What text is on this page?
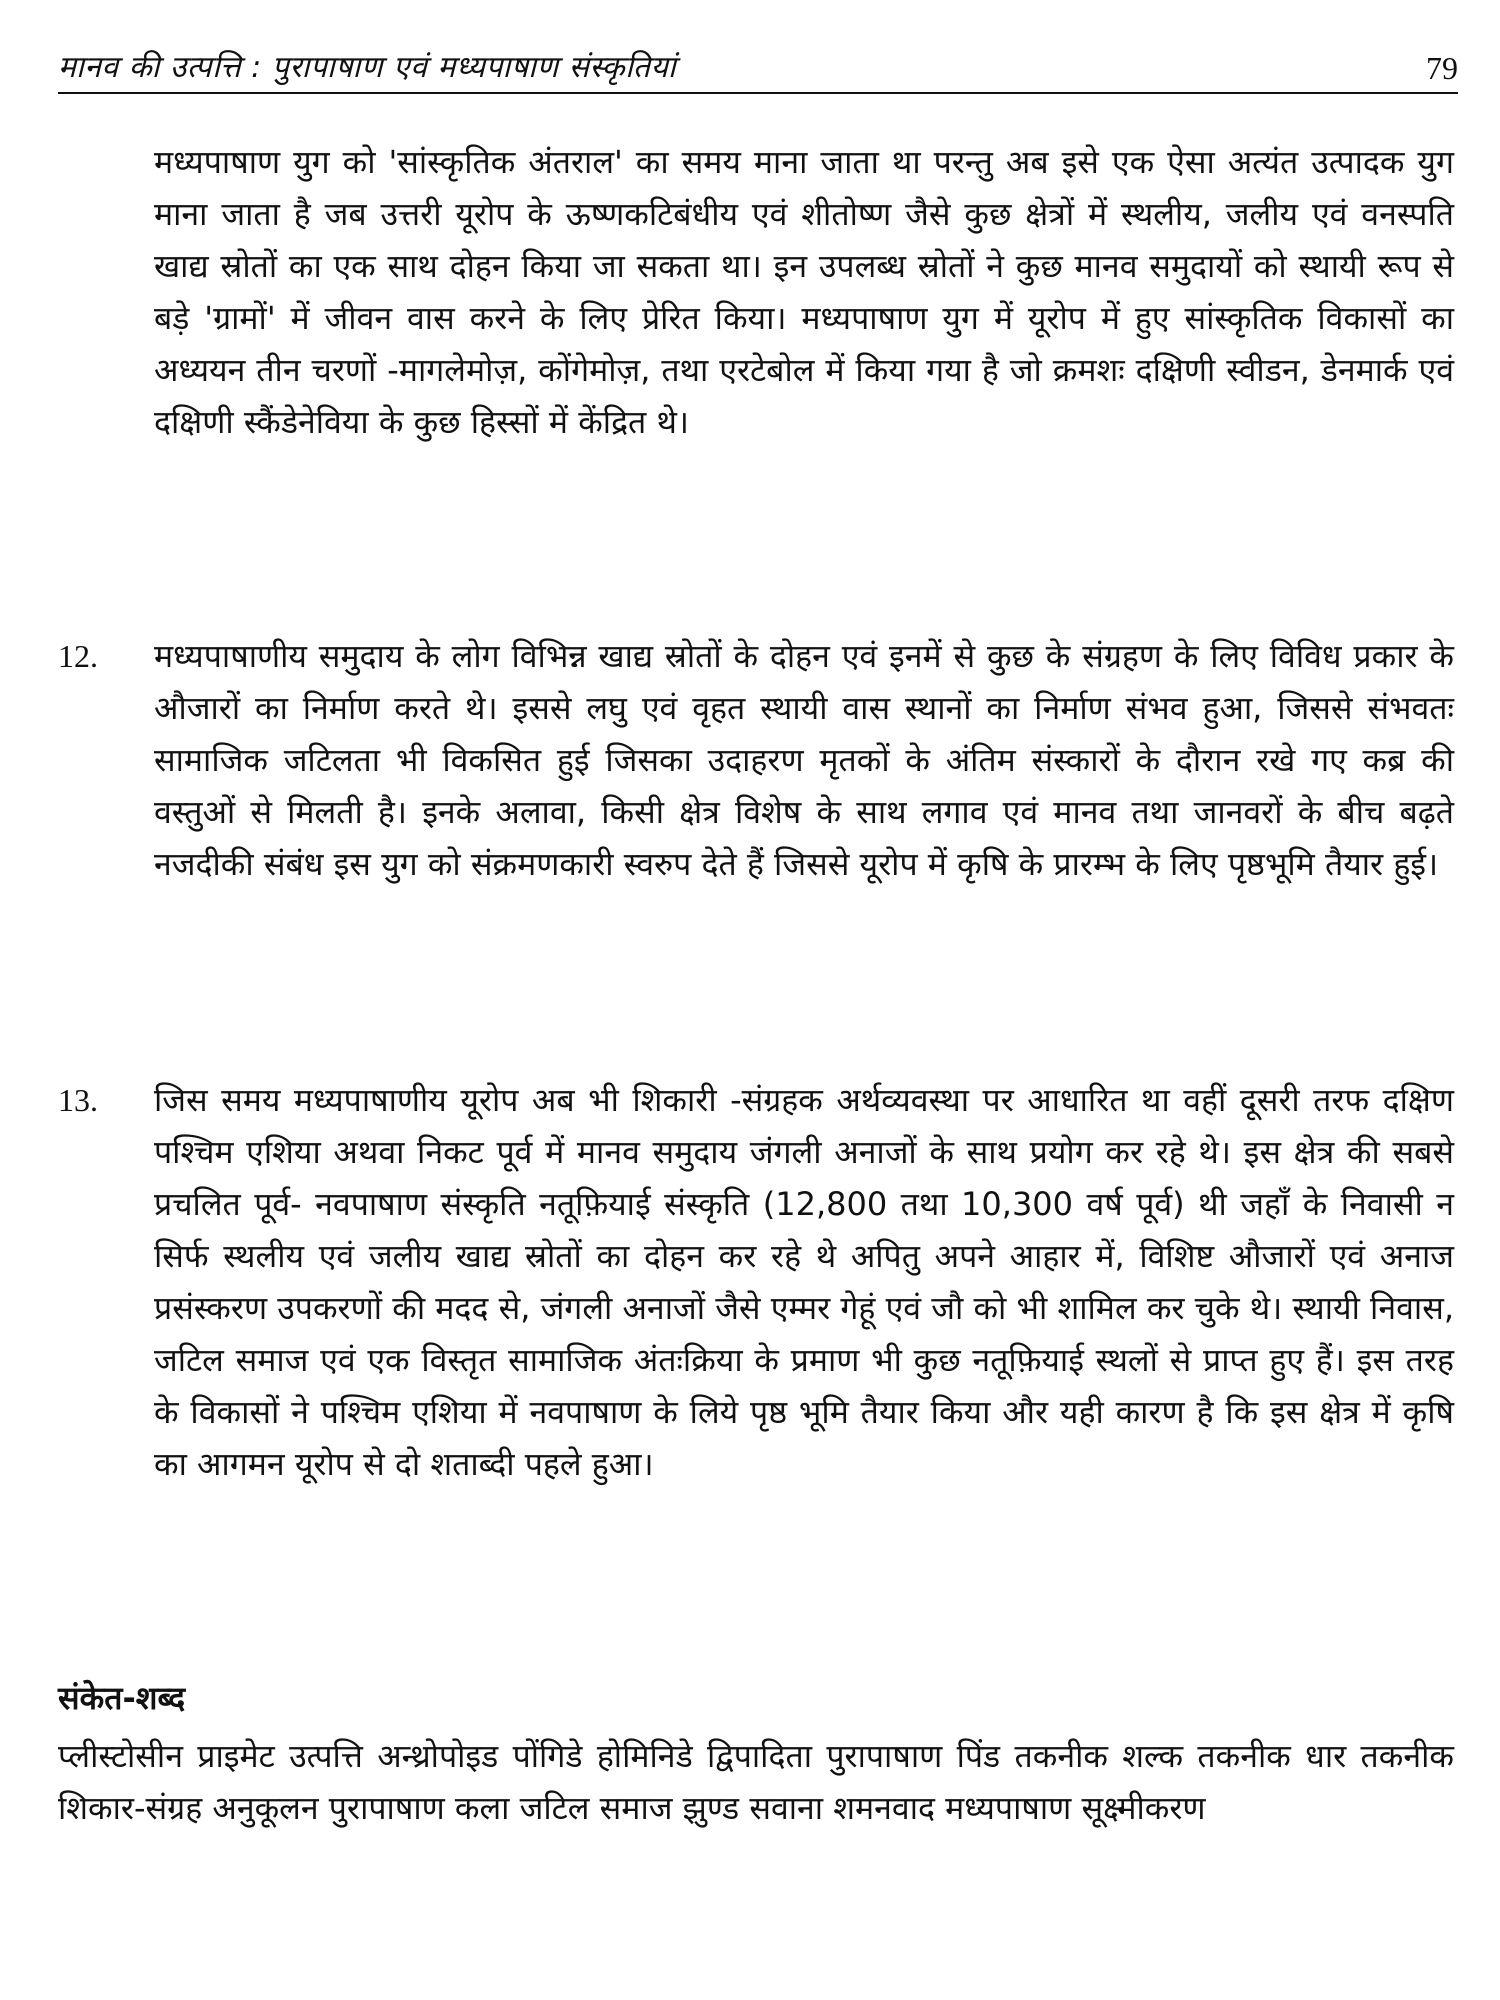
मानव की उत्पत्ति : पुरापाषाण एवं मध्यपाषाण संस्कृतियां	79

मध्यपाषाण युग को 'सांस्कृतिक अंतराल' का समय माना जाता था परन्तु अब इसे एक ऐसा अत्यंत उत्पादक युग माना जाता है जब उत्तरी यूरोप के ऊष्णकटिबंधीय एवं शीतोष्ण जैसे कुछ क्षेत्रों में स्थलीय, जलीय एवं वनस्पति खाद्य स्रोतों का एक साथ दोहन किया जा सकता था। इन उपलब्ध स्रोतों ने कुछ मानव समुदायों को स्थायी रूप से बड़े 'ग्रामों' में जीवन वास करने के लिए प्रेरित किया। मध्यपाषाण युग में यूरोप में हुए सांस्कृतिक विकासों का अध्ययन तीन चरणों -मागलेमोज़, कोंगेमोज़, तथा एरटेबोल में किया गया है जो क्रमशः दक्षिणी स्वीडन, डेनमार्क एवं दक्षिणी स्कैंडेनेविया के कुछ हिस्सों में केंद्रित थे।

12. मध्यपाषाणीय समुदाय के लोग विभिन्न खाद्य स्रोतों के दोहन एवं इनमें से कुछ के संग्रहण के लिए विविध प्रकार के औजारों का निर्माण करते थे। इससे लघु एवं वृहत स्थायी वास स्थानों का निर्माण संभव हुआ, जिससे संभवतः सामाजिक जटिलता भी विकसित हुई जिसका उदाहरण मृतकों के अंतिम संस्कारों के दौरान रखे गए कब्र की वस्तुओं से मिलती है। इनके अलावा, किसी क्षेत्र विशेष के साथ लगाव एवं मानव तथा जानवरों के बीच बढ़ते नजदीकी संबंध इस युग को संक्रमणकारी स्वरुप देते हैं जिससे यूरोप में कृषि के प्रारम्भ के लिए पृष्ठभूमि तैयार हुई।

13. जिस समय मध्यपाषाणीय यूरोप अब भी शिकारी -संग्रहक अर्थव्यवस्था पर आधारित था वहीं दूसरी तरफ दक्षिण पश्चिम एशिया अथवा निकट पूर्व में मानव समुदाय जंगली अनाजों के साथ प्रयोग कर रहे थे। इस क्षेत्र की सबसे प्रचलित पूर्व- नवपाषाण संस्कृति नतूफ़ियाई संस्कृति (12,800 तथा 10,300 वर्ष पूर्व) थी जहाँ के निवासी न सिर्फ स्थलीय एवं जलीय खाद्य स्रोतों का दोहन कर रहे थे अपितु अपने आहार में, विशिष्ट औजारों एवं अनाज प्रसंस्करण उपकरणों की मदद से, जंगली अनाजों जैसे एम्मर गेहूं एवं जौ को भी शामिल कर चुके थे। स्थायी निवास, जटिल समाज एवं एक विस्तृत सामाजिक अंतःक्रिया के प्रमाण भी कुछ नतूफ़ियाई स्थलों से प्राप्त हुए हैं। इस तरह के विकासों ने पश्चिम एशिया में नवपाषाण के लिये पृष्ठ भूमि तैयार किया और यही कारण है कि इस क्षेत्र में कृषि का आगमन यूरोप से दो शताब्दी पहले हुआ।

संकेत-शब्द

प्लीस्टोसीन प्राइमेट उत्पत्ति अन्थ्रोपोइड पोंगिडे होमिनिडे द्विपादिता पुरापाषाण पिंड तकनीक शल्क तकनीक धार तकनीक शिकार-संग्रह अनुकूलन पुरापाषाण कला जटिल समाज झुण्ड सवाना शमनवाद मध्यपाषाण सूक्ष्मीकरण
